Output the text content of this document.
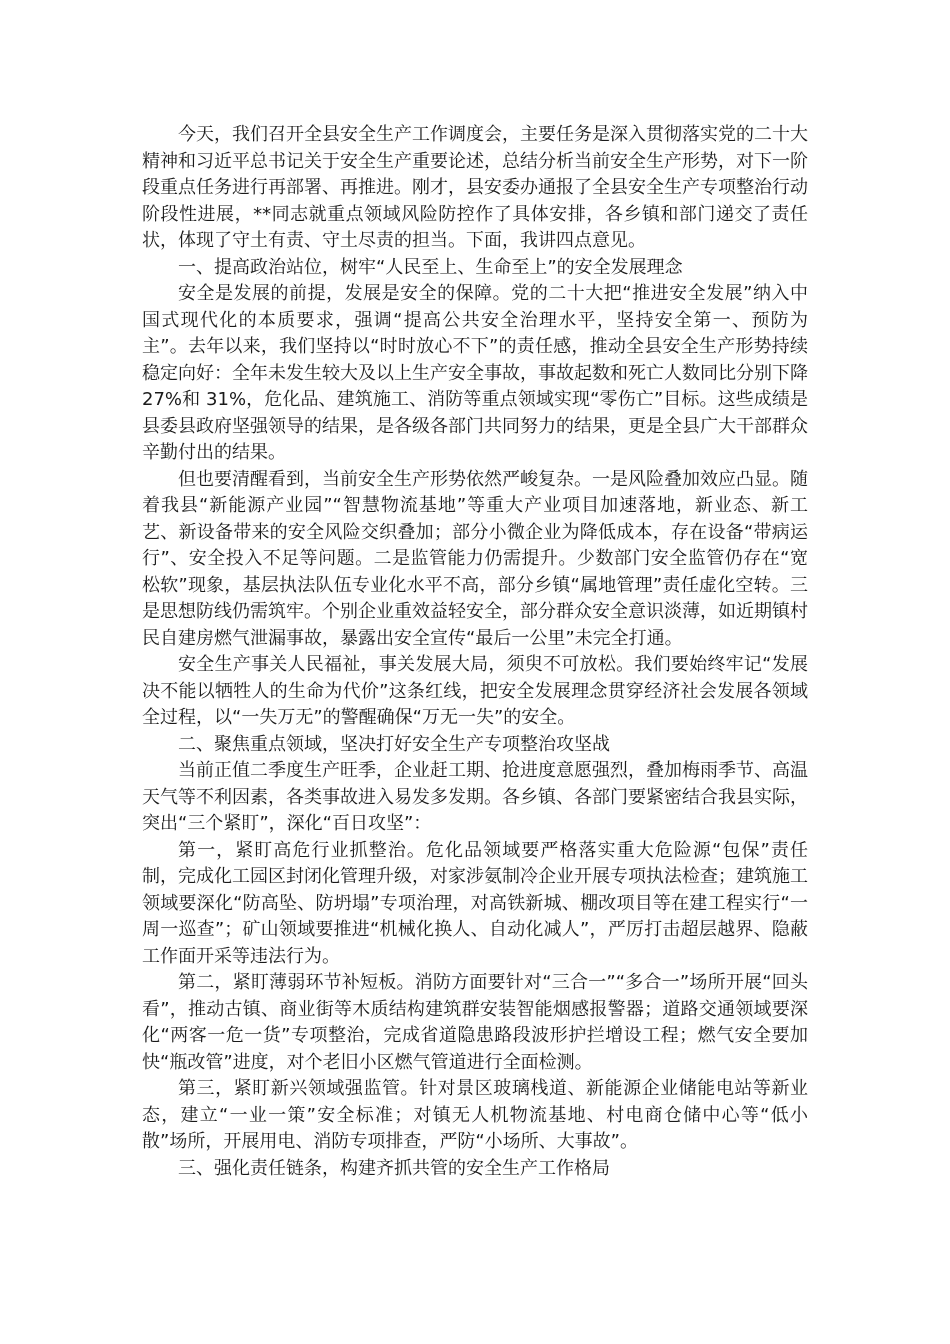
今天，我们召开全县安全生产工作调度会，主要任务是深入贯彻落实党的二十大精神和习近平总书记关于安全生产重要论述，总结分析当前安全生产形势，对下一阶段重点任务进行再部署、再推进。刚才，县安委办通报了全县安全生产专项整治行动阶段性进展，**同志就重点领域风险防控作了具体安排，各乡镇和部门递交了责任状，体现了守土有责、守土尽责的担当。下面，我讲四点意见。

一、提高政治站位，树牢“人民至上、生命至上”的安全发展理念

安全是发展的前提，发展是安全的保障。党的二十大把“推进安全发展”纳入中国式现代化的本质要求，强调“提高公共安全治理水平，坚持安全第一、预防为主”。去年以来，我们坚持以“时时放心不下”的责任感，推动全县安全生产形势持续稳定向好：全年未发生较大及以上生产安全事故，事故起数和死亡人数同比分别下降 27%和 31%，危化品、建筑施工、消防等重点领域实现“零伤亡”目标。这些成绩是县委县政府坚强领导的结果，是各级各部门共同努力的结果，更是全县广大干部群众辛勤付出的结果。

但也要清醒看到，当前安全生产形势依然严峻复杂。一是风险叠加效应凸显。随着我县“新能源产业园”“智慧物流基地”等重大产业项目加速落地，新业态、新工艺、新设备带来的安全风险交织叠加；部分小微企业为降低成本，存在设备“带病运行”、安全投入不足等问题。二是监管能力仍需提升。少数部门安全监管仍存在“宽松软”现象，基层执法队伍专业化水平不高，部分乡镇“属地管理”责任虚化空转。三是思想防线仍需筑牢。个别企业重效益轻安全，部分群众安全意识淡薄，如近期镇村民自建房燃气泄漏事故，暴露出安全宣传“最后一公里”未完全打通。

安全生产事关人民福祉，事关发展大局，须臾不可放松。我们要始终牢记“发展决不能以牺牲人的生命为代价”这条红线，把安全发展理念贯穿经济社会发展各领域全过程，以“一失万无”的警醒确保“万无一失”的安全。

二、聚焦重点领域，坚决打好安全生产专项整治攻坚战

当前正值二季度生产旺季，企业赶工期、抢进度意愿强烈，叠加梅雨季节、高温天气等不利因素，各类事故进入易发多发期。各乡镇、各部门要紧密结合我县实际，突出“三个紧盯”，深化“百日攻坚”：

第一，紧盯高危行业抓整治。危化品领域要严格落实重大危险源“包保”责任制，完成化工园区封闭化管理升级，对家涉氨制冷企业开展专项执法检查；建筑施工领域要深化“防高坠、防坍塌”专项治理，对高铁新城、棚改项目等在建工程实行“一周一巡查”；矿山领域要推进“机械化换人、自动化减人”，严厉打击超层越界、隐蔽工作面开采等违法行为。

第二，紧盯薄弱环节补短板。消防方面要针对“三合一”“多合一”场所开展“回头看”，推动古镇、商业街等木质结构建筑群安装智能烟感报警器；道路交通领域要深化“两客一危一货”专项整治，完成省道隐患路段波形护拦增设工程；燃气安全要加快“瓶改管”进度，对个老旧小区燃气管道进行全面检测。

第三，紧盯新兴领域强监管。针对景区玻璃栈道、新能源企业储能电站等新业态，建立“一业一策”安全标准；对镇无人机物流基地、村电商仓储中心等“低小散”场所，开展用电、消防专项排查，严防“小场所、大事故”。

三、强化责任链条，构建齐抓共管的安全生产工作格局
